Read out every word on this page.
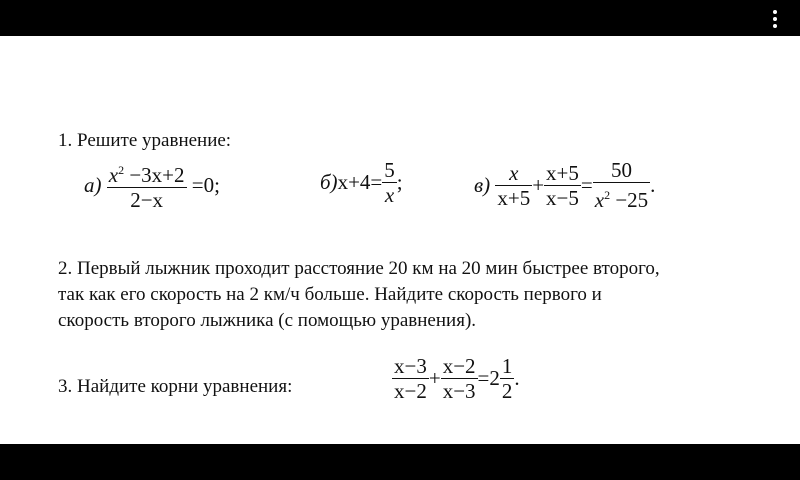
1. Решите уравнение:
$а) \frac{x^2 -3x+2}{2-x} =0$;	$б)x+4= \frac{5}{x}$ ;	$в) \frac{x}{x+5} + \frac{x+5}{x-5} = \frac{50}{x^2 -25}$ .
2. Первый лыжник проходит расстояние 20 км на 20 мин быстрее второго,
так как его скорость на 2 км/ч больше. Найдите скорость первого и
скорость второго лыжника (с помощью уравнения).
3. Найдите корни уравнения:	$\frac{x-3}{x-2} + \frac{x-2}{x-3} =2 \frac{1}{2}$ .
